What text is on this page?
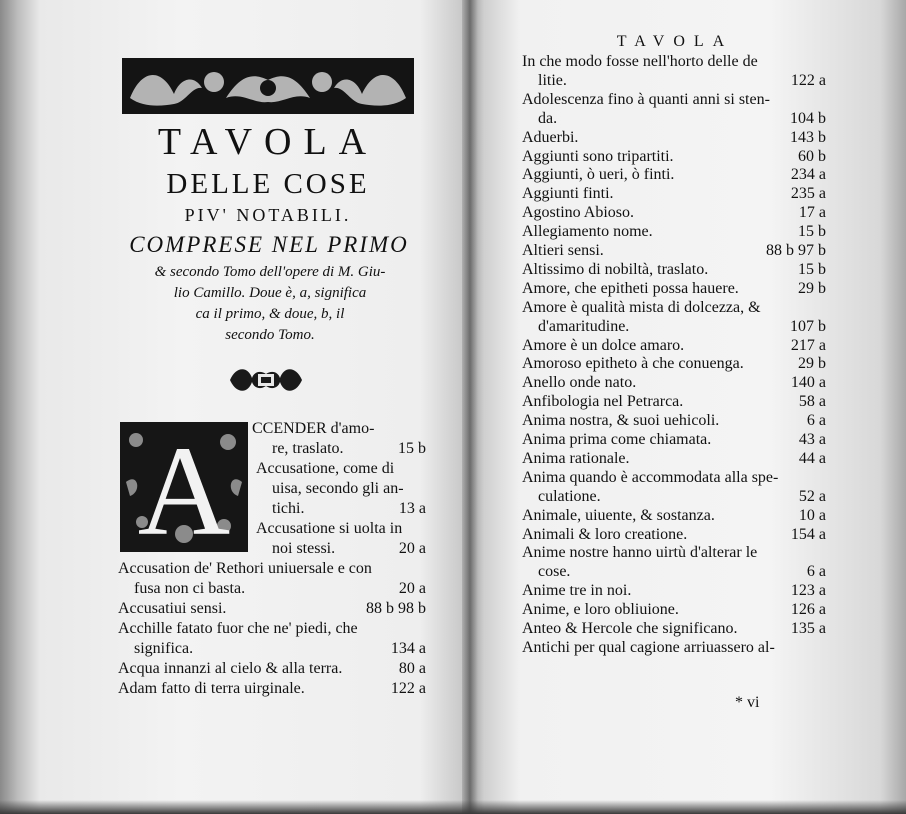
TAVOLA
DELLE COSE
PIV' NOTABILI.
COMPRESE NEL PRIMO
& secondo Tomo dell'opere di M. Giu-
lio Camillo. Doue è, a, significa
ca il primo, & doue, b, il
secondo Tomo.
A CCENDER d'amo-
re, traslato.	15 b
Accusatione, come di
uisa, secondo gli an-
tichi.	13 a
Accusatione si uolta in
noi stessi.	20 a
Accusation de' Rethori uniuersale e con
fusa non ci basta.	20 a
Accusatiui sensi.	88 b 98 b
Acchille fatato fuor che ne' piedi, che
significa.	134 a
Acqua innanzi al cielo & alla terra.	80 a
Adam fatto di terra uirginale.	122 a
TAVOLA
In che modo fosse nell'horto delle de
litie.	122 a
Adolescenza fino à quanti anni si sten-
da.	104 b
Aduerbi.	143 b
Aggiunti sono tripartiti.	60 b
Aggiunti, ò ueri, ò finti.	234 a
Aggiunti finti.	235 a
Agostino Abioso.	17 a
Allegiamento nome.	15 b
Altieri sensi.	88 b 97 b
Altissimo di nobiltà, traslato.	15 b
Amore, che epitheti possa hauere.	29 b
Amore è qualità mista di dolcezza, &
d'amaritudine.	107 b
Amore è un dolce amaro.	217 a
Amoroso epitheto à che conuenga.	29 b
Anello onde nato.	140 a
Anfibologia nel Petrarca.	58 a
Anima nostra, & suoi uehicoli.	6 a
Anima prima come chiamata.	43 a
Anima rationale.	44 a
Anima quando è accommodata alla spe-
culatione.	52 a
Animale, uiuente, & sostanza.	10 a
Animali & loro creatione.	154 a
Anime nostre hanno uirtù d'alterar le
cose.	6 a
Anime tre in noi.	123 a
Anime, e loro obliuione.	126 a
Anteo & Hercole che significano.	135 a
Antichi per qual cagione arriuassero al-
* vi
